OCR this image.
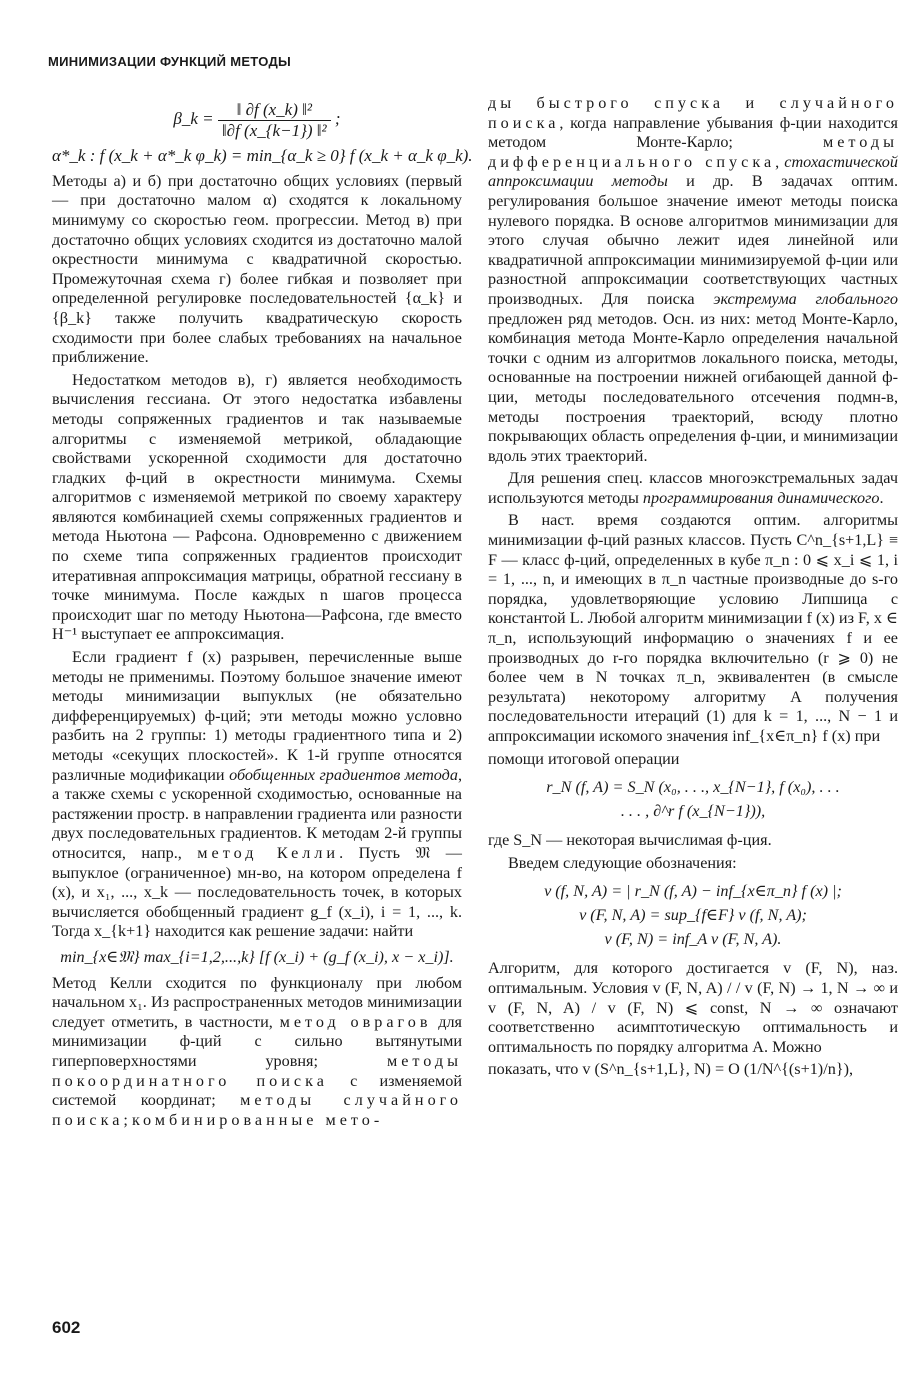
МИНИМИЗАЦИИ ФУНКЦИЙ МЕТОДЫ
β_k = $\frac{\text{‖ ∂f (x\_k) ‖²}}{\text{‖∂f (x\_\{k−1\}) ‖²}}$ ;
α*_k : f (x_k + α*_k φ_k) = min_{α_k ≥ 0} f (x_k + α_k φ_k).

Методы а) и б) при достаточно общих условиях (первый — при достаточно малом α) сходятся к локальному минимуму со скоростью геом. прогрессии. Метод в) при достаточно общих условиях сходится из достаточно малой окрестности минимума с квадратичной скоростью. Промежуточная схема г) более гибкая и позволяет при определенной регулировке последовательностей {α_k} и {β_k} также получить квадратическую скорость сходимости при более слабых требованиях на начальное приближение.

Недостатком методов в), г) является необходимость вычисления гессиана. От этого недостатка избавлены методы сопряженных градиентов и так называемые алгоритмы с изменяемой метрикой, обладающие свойствами ускоренной сходимости для достаточно гладких ф-ций в окрестности минимума. Схемы алгоритмов с изменяемой метрикой по своему характеру являются комбинацией схемы сопряженных градиентов и метода Ньютона — Рафсона. Одновременно с движением по схеме типа сопряженных градиентов происходит итеративная аппроксимация матрицы, обратной гессиану в точке минимума. После каждых n шагов процесса происходит шаг по методу Ньютона—Рафсона, где вместо H⁻¹ выступает ее аппроксимация.

Если градиент f (x) разрывен, перечисленные выше методы не применимы. Поэтому большое значение имеют методы минимизации выпуклых (не обязательно дифференцируемых) ф-ций; эти методы можно условно разбить на 2 группы: 1) методы градиентного типа и 2) методы «секущих плоскостей». К 1-й группе относятся различные модификации обобщенных градиентов метода, а также схемы с ускоренной сходимостью, основанные на растяжении простр. в направлении градиента или разности двух последовательных градиентов. К методам 2-й группы относится, напр., метод Келли. Пусть 𝔐 — выпуклое (ограниченное) мн-во, на котором определена f (x), и x₁, ..., x_k — последовательность точек, в которых вычисляется обобщенный градиент g_f (x_i), i = 1, ..., k. Тогда x_{k+1} находится как решение задачи: найти

min_{x∈𝔐} max_{i=1,2,...,k} [f (x_i) + (g_f (x_i), x − x_i)].

Метод Келли сходится по функционалу при любом начальном x₁. Из распространенных методов минимизации следует отметить, в частности, метод оврагов для минимизации ф-ций с сильно вытянутыми гиперповерхностями уровня; методы покоординатного поиска с изменяемой системой координат; методы случайного поиска; комбинированные мето-

ды быстрого спуска и случайного поиска, когда направление убывания ф-ции находится методом Монте-Карло; методы дифференциального спуска, стохастической аппроксимации методы и др. В задачах оптим. регулирования большое значение имеют методы поиска нулевого порядка. В основе алгоритмов минимизации для этого случая обычно лежит идея линейной или квадратичной аппроксимации минимизируемой ф-ции или разностной аппроксимации соответствующих частных производных. Для поиска экстремума глобального предложен ряд методов. Осн. из них: метод Монте-Карло, комбинация метода Монте-Карло определения начальной точки с одним из алгоритмов локального поиска, методы, основанные на построении нижней огибающей данной ф-ции, методы последовательного отсечения подмн-в, методы построения траекторий, всюду плотно покрывающих область определения ф-ции, и минимизации вдоль этих траекторий.

Для решения спец. классов многоэкстремальных задач используются методы программирования динамического.

В наст. время создаются оптим. алгоритмы минимизации ф-ций разных классов. Пусть C^n_{s+1,L} ≡ F — класс ф-ций, определенных в кубе π_n : 0 ⩽ x_i ⩽ 1, i = 1, ..., n, и имеющих в π_n частные производные до s-го порядка, удовлетворяющие условию Липшица с константой L. Любой алгоритм минимизации f (x) из F, x ∈ π_n, использующий информацию о значениях f и ее производных до r-го порядка включительно (r ⩾ 0) не более чем в N точках π_n, эквивалентен (в смысле результата) некоторому алгоритму A получения последовательности итераций (1) для k = 1, ..., N − 1 и аппроксимации искомого значения inf_{x∈π_n} f (x) при

помощи итоговой операции

r_N (f, A) = S_N (x₀, . . ., x_{N−1}, f (x₀), . . .
. . . , ∂^r f (x_{N−1})),

где S_N — некоторая вычислимая ф-ция.

Введем следующие обозначения:

v (f, N, A) = | r_N (f, A) − inf_{x∈π_n} f (x) |;
v (F, N, A) = sup_{f∈F} v (f, N, A);
v (F, N) = inf_A v (F, N, A).

Алгоритм, для которого достигается v (F, N), наз. оптимальным. Условия v (F, N, A) / / v (F, N) → 1, N → ∞ и v (F, N, A) / v (F, N) ⩽ const, N → ∞ означают соответственно асимптотическую оптимальность и оптимальность по порядку алгоритма A. Можно

показать, что v (S^n_{s+1,L}, N) = O (1/N^{(s+1)/n}),

602
